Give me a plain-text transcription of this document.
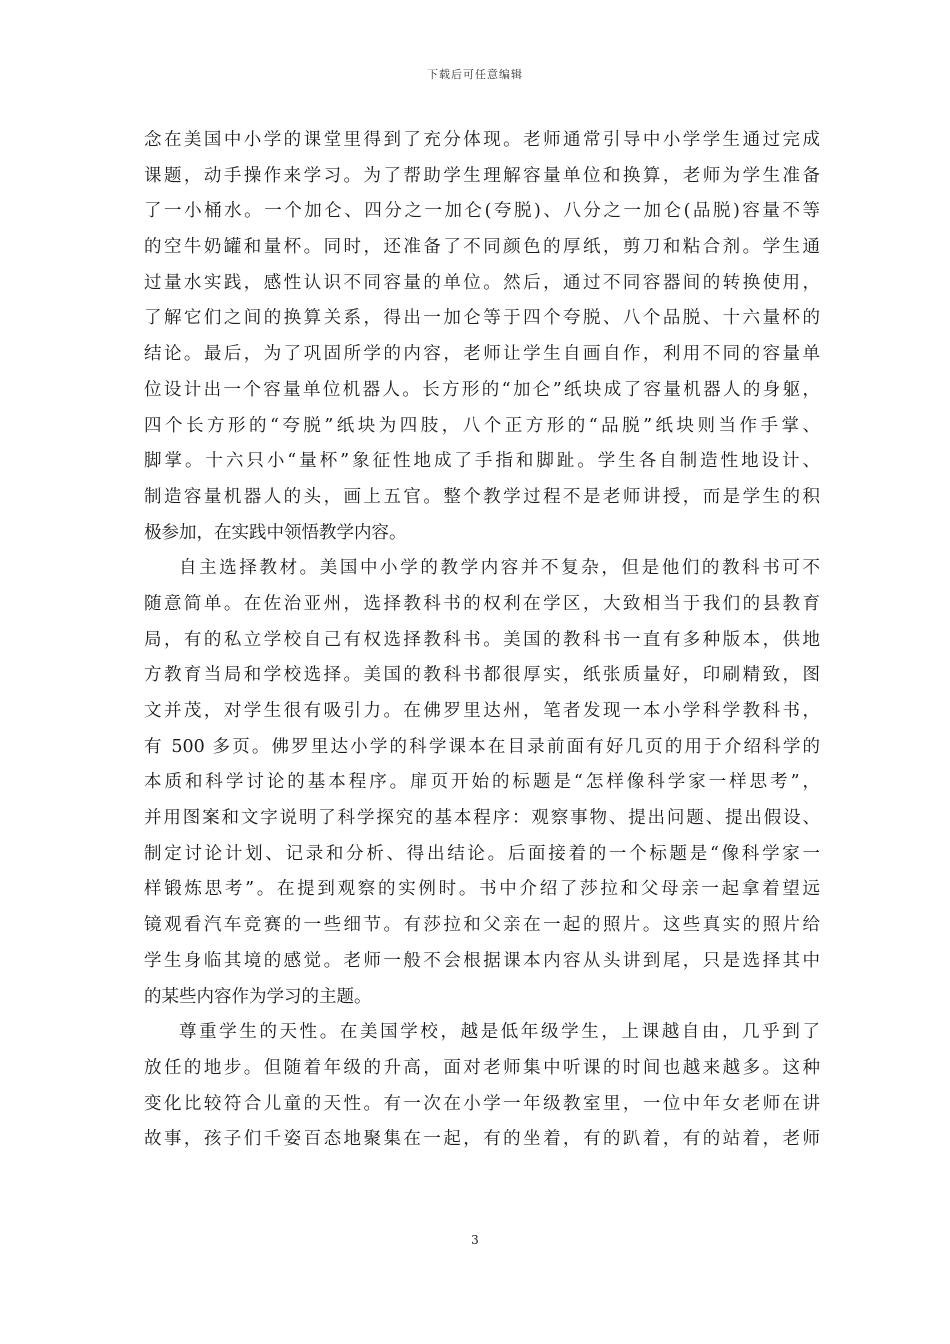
下载后可任意编辑
念在美国中小学的课堂里得到了充分体现。老师通常引导中小学学生通过完成
课题，动手操作来学习。为了帮助学生理解容量单位和换算，老师为学生准备
了一小桶水。一个加仑、四分之一加仑(夸脱)、八分之一加仑(品脱)容量不等
的空牛奶罐和量杯。同时，还准备了不同颜色的厚纸，剪刀和粘合剂。学生通
过量水实践，感性认识不同容量的单位。然后，通过不同容器间的转换使用，
了解它们之间的换算关系，得出一加仑等于四个夸脱、八个品脱、十六量杯的
结论。最后，为了巩固所学的内容，老师让学生自画自作，利用不同的容量单
位设计出一个容量单位机器人。长方形的“加仑”纸块成了容量机器人的身躯，
四个长方形的“夸脱”纸块为四肢，八个正方形的“品脱”纸块则当作手掌、
脚掌。十六只小“量杯”象征性地成了手指和脚趾。学生各自制造性地设计、
制造容量机器人的头，画上五官。整个教学过程不是老师讲授，而是学生的积
极参加，在实践中领悟教学内容。
自主选择教材。美国中小学的教学内容并不复杂，但是他们的教科书可不
随意简单。在佐治亚州，选择教科书的权利在学区，大致相当于我们的县教育
局，有的私立学校自己有权选择教科书。美国的教科书一直有多种版本，供地
方教育当局和学校选择。美国的教科书都很厚实，纸张质量好，印刷精致，图
文并茂，对学生很有吸引力。在佛罗里达州，笔者发现一本小学科学教科书，
有 500 多页。佛罗里达小学的科学课本在目录前面有好几页的用于介绍科学的
本质和科学讨论的基本程序。扉页开始的标题是“怎样像科学家一样思考”，
并用图案和文字说明了科学探究的基本程序：观察事物、提出问题、提出假设、
制定讨论计划、记录和分析、得出结论。后面接着的一个标题是“像科学家一
样锻炼思考”。在提到观察的实例时。书中介绍了莎拉和父母亲一起拿着望远
镜观看汽车竞赛的一些细节。有莎拉和父亲在一起的照片。这些真实的照片给
学生身临其境的感觉。老师一般不会根据课本内容从头讲到尾，只是选择其中
的某些内容作为学习的主题。
尊重学生的天性。在美国学校，越是低年级学生，上课越自由，几乎到了
放任的地步。但随着年级的升高，面对老师集中听课的时间也越来越多。这种
变化比较符合儿童的天性。有一次在小学一年级教室里，一位中年女老师在讲
故事，孩子们千姿百态地聚集在一起，有的坐着，有的趴着，有的站着，老师
3
